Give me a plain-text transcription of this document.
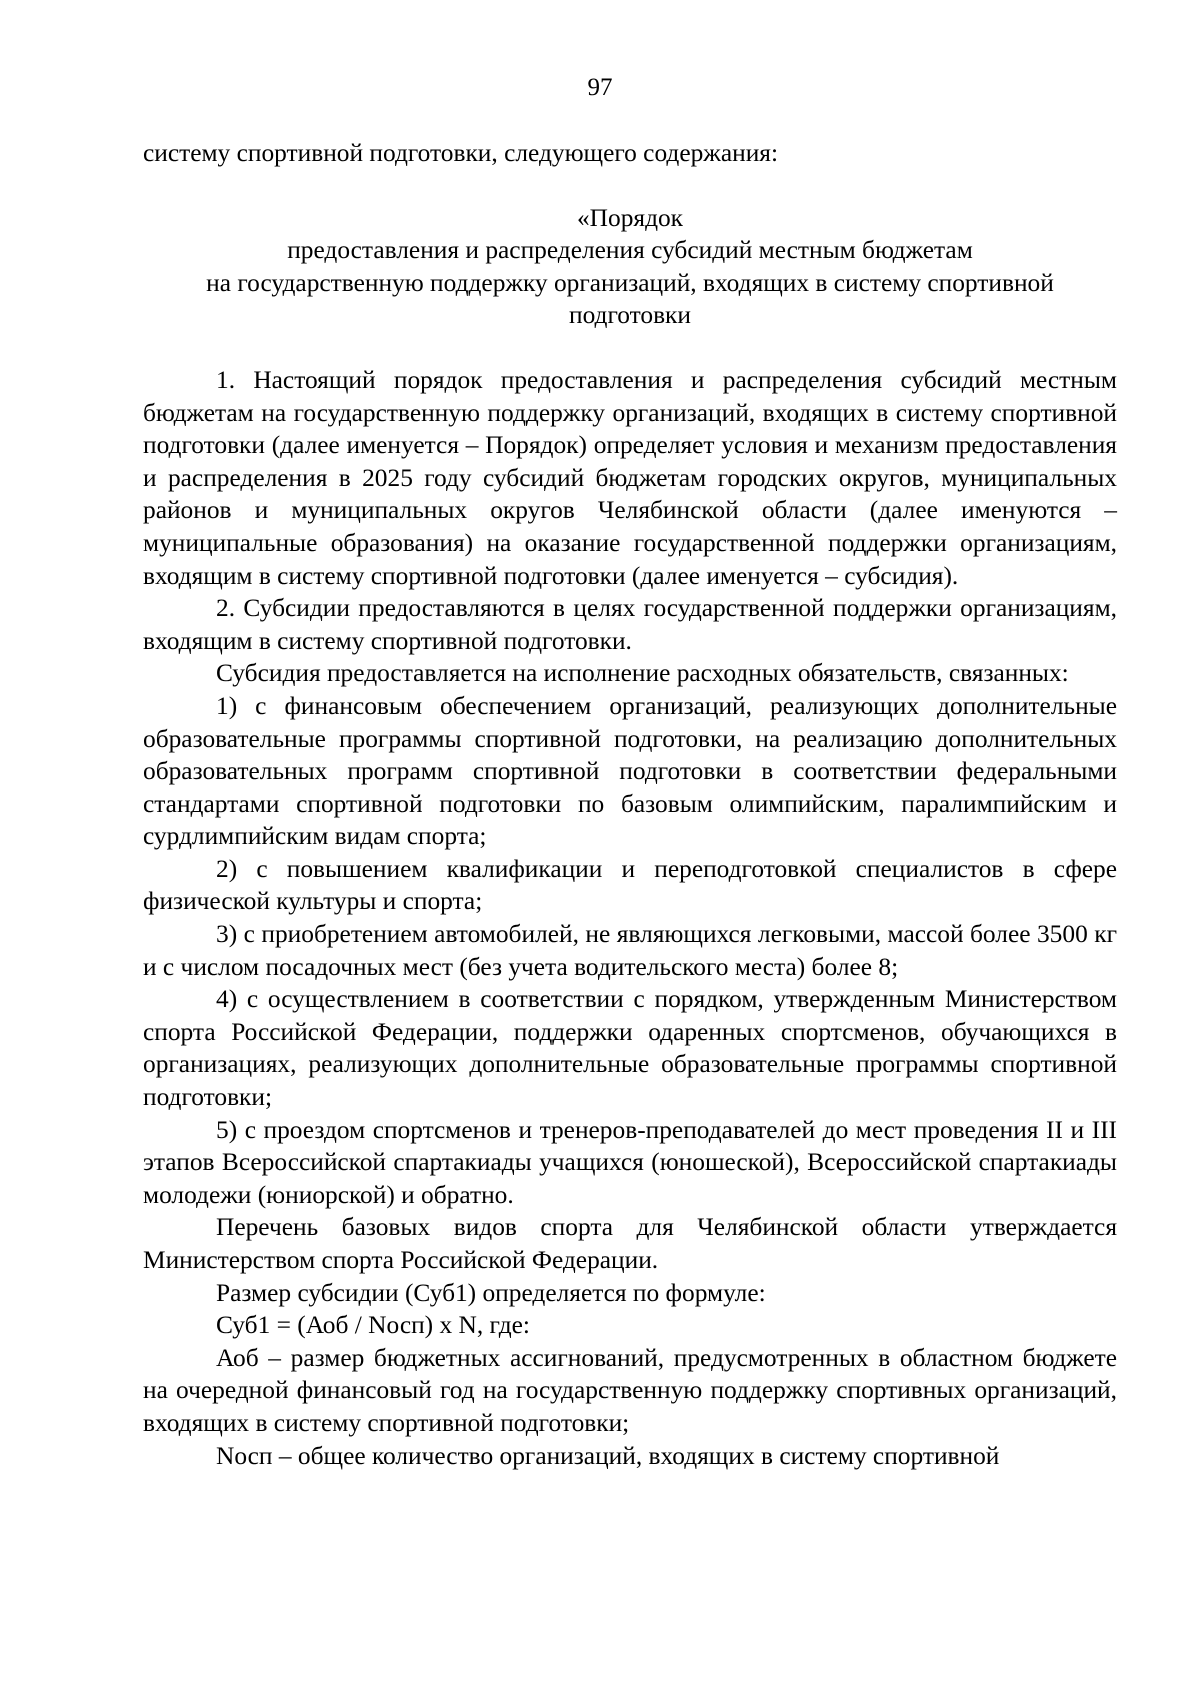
97

систему спортивной подготовки, следующего содержания:

«Порядок
предоставления и распределения субсидий местным бюджетам
на государственную поддержку организаций, входящих в систему спортивной
подготовки

1. Настоящий порядок предоставления и распределения субсидий местным бюджетам на государственную поддержку организаций, входящих в систему спортивной подготовки (далее именуется – Порядок) определяет условия и механизм предоставления и распределения в 2025 году субсидий бюджетам городских округов, муниципальных районов и муниципальных округов Челябинской области (далее именуются – муниципальные образования) на оказание государственной поддержки организациям, входящим в систему спортивной подготовки (далее именуется – субсидия).

2. Субсидии предоставляются в целях государственной поддержки организациям, входящим в систему спортивной подготовки.

Субсидия предоставляется на исполнение расходных обязательств, связанных:

1) с финансовым обеспечением организаций, реализующих дополнительные образовательные программы спортивной подготовки, на реализацию дополнительных образовательных программ спортивной подготовки в соответствии федеральными стандартами спортивной подготовки по базовым олимпийским, паралимпийским и сурдлимпийским видам спорта;

2) с повышением квалификации и переподготовкой специалистов в сфере физической культуры и спорта;

3) с приобретением автомобилей, не являющихся легковыми, массой более 3500 кг и с числом посадочных мест (без учета водительского места) более 8;

4) с осуществлением в соответствии с порядком, утвержденным Министерством спорта Российской Федерации, поддержки одаренных спортсменов, обучающихся в организациях, реализующих дополнительные образовательные программы спортивной подготовки;

5) с проездом спортсменов и тренеров-преподавателей до мест проведения II и III этапов Всероссийской спартакиады учащихся (юношеской), Всероссийской спартакиады молодежи (юниорской) и обратно.

Перечень базовых видов спорта для Челябинской области утверждается Министерством спорта Российской Федерации.

Размер субсидии (Суб1) определяется по формуле:

Суб1 = (Аоб / Nосп) x N, где:

Аоб – размер бюджетных ассигнований, предусмотренных в областном бюджете на очередной финансовый год на государственную поддержку спортивных организаций, входящих в систему спортивной подготовки;

Nосп – общее количество организаций, входящих в систему спортивной
